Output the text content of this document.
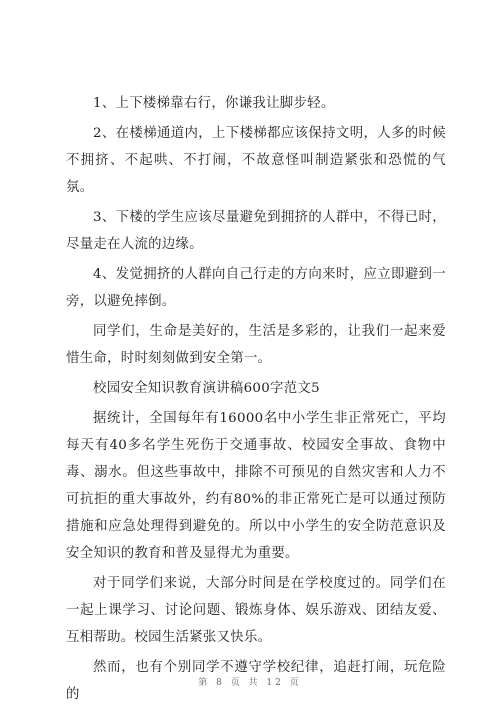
1、上下楼梯靠右行，你谦我让脚步轻。

2、在楼梯通道内，上下楼梯都应该保持文明，人多的时候不拥挤、不起哄、不打闹，不故意怪叫制造紧张和恐慌的气氛。

3、下楼的学生应该尽量避免到拥挤的人群中，不得已时，尽量走在人流的边缘。

4、发觉拥挤的人群向自己行走的方向来时，应立即避到一旁，以避免摔倒。

同学们，生命是美好的，生活是多彩的，让我们一起来爱惜生命，时时刻刻做到安全第一。

校园安全知识教育演讲稿600字范文5

据统计，全国每年有16000名中小学生非正常死亡，平均每天有40多名学生死伤于交通事故、校园安全事故、食物中毒、溺水。但这些事故中，排除不可预见的自然灾害和人力不可抗拒的重大事故外，约有80%的非正常死亡是可以通过预防措施和应急处理得到避免的。所以中小学生的安全防范意识及安全知识的教育和普及显得尤为重要。

对于同学们来说，大部分时间是在学校度过的。同学们在一起上课学习、讨论问题、锻炼身体、娱乐游戏、团结友爱、互相帮助。校园生活紧张又快乐。

然而，也有个别同学不遵守学校纪律，追赶打闹，玩危险的

第 8 页 共 12 页
